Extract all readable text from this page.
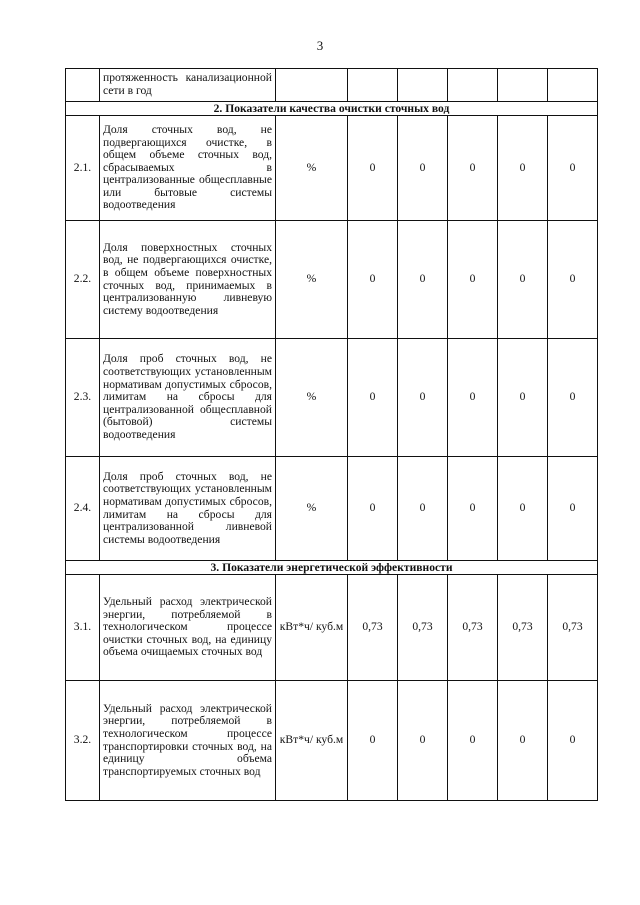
3
	протяженность канализационной сети в год						
2. Показатели качества очистки сточных вод							
2.1.	Доля сточных вод, не подвергающихся очистке, в общем объеме сточных вод, сбрасываемых в централизованные общесплавные или бытовые системы водоотведения	%	0	0	0	0	0
2.2.	Доля поверхностных сточных вод, не подвергающихся очистке, в общем объеме поверхностных сточных вод, принимаемых в централизованную ливневую систему водоотведения	%	0	0	0	0	0
2.3.	Доля проб сточных вод, не соответствующих установленным нормативам допустимых сбросов, лимитам на сбросы для централизованной общесплавной (бытовой) системы водоотведения	%	0	0	0	0	0
2.4.	Доля проб сточных вод, не соответствующих установленным нормативам допустимых сбросов, лимитам на сбросы для централизованной ливневой системы водоотведения	%	0	0	0	0	0
3. Показатели энергетической эффективности							
3.1.	Удельный расход электрической энергии, потребляемой в технологическом процессе очистки сточных вод, на единицу объема очищаемых сточных вод	кВт*ч/ куб.м	0,73	0,73	0,73	0,73	0,73
3.2.	Удельный расход электрической энергии, потребляемой в технологическом процессе транспортировки сточных вод, на единицу объема транспортируемых сточных вод	кВт*ч/ куб.м	0	0	0	0	0
